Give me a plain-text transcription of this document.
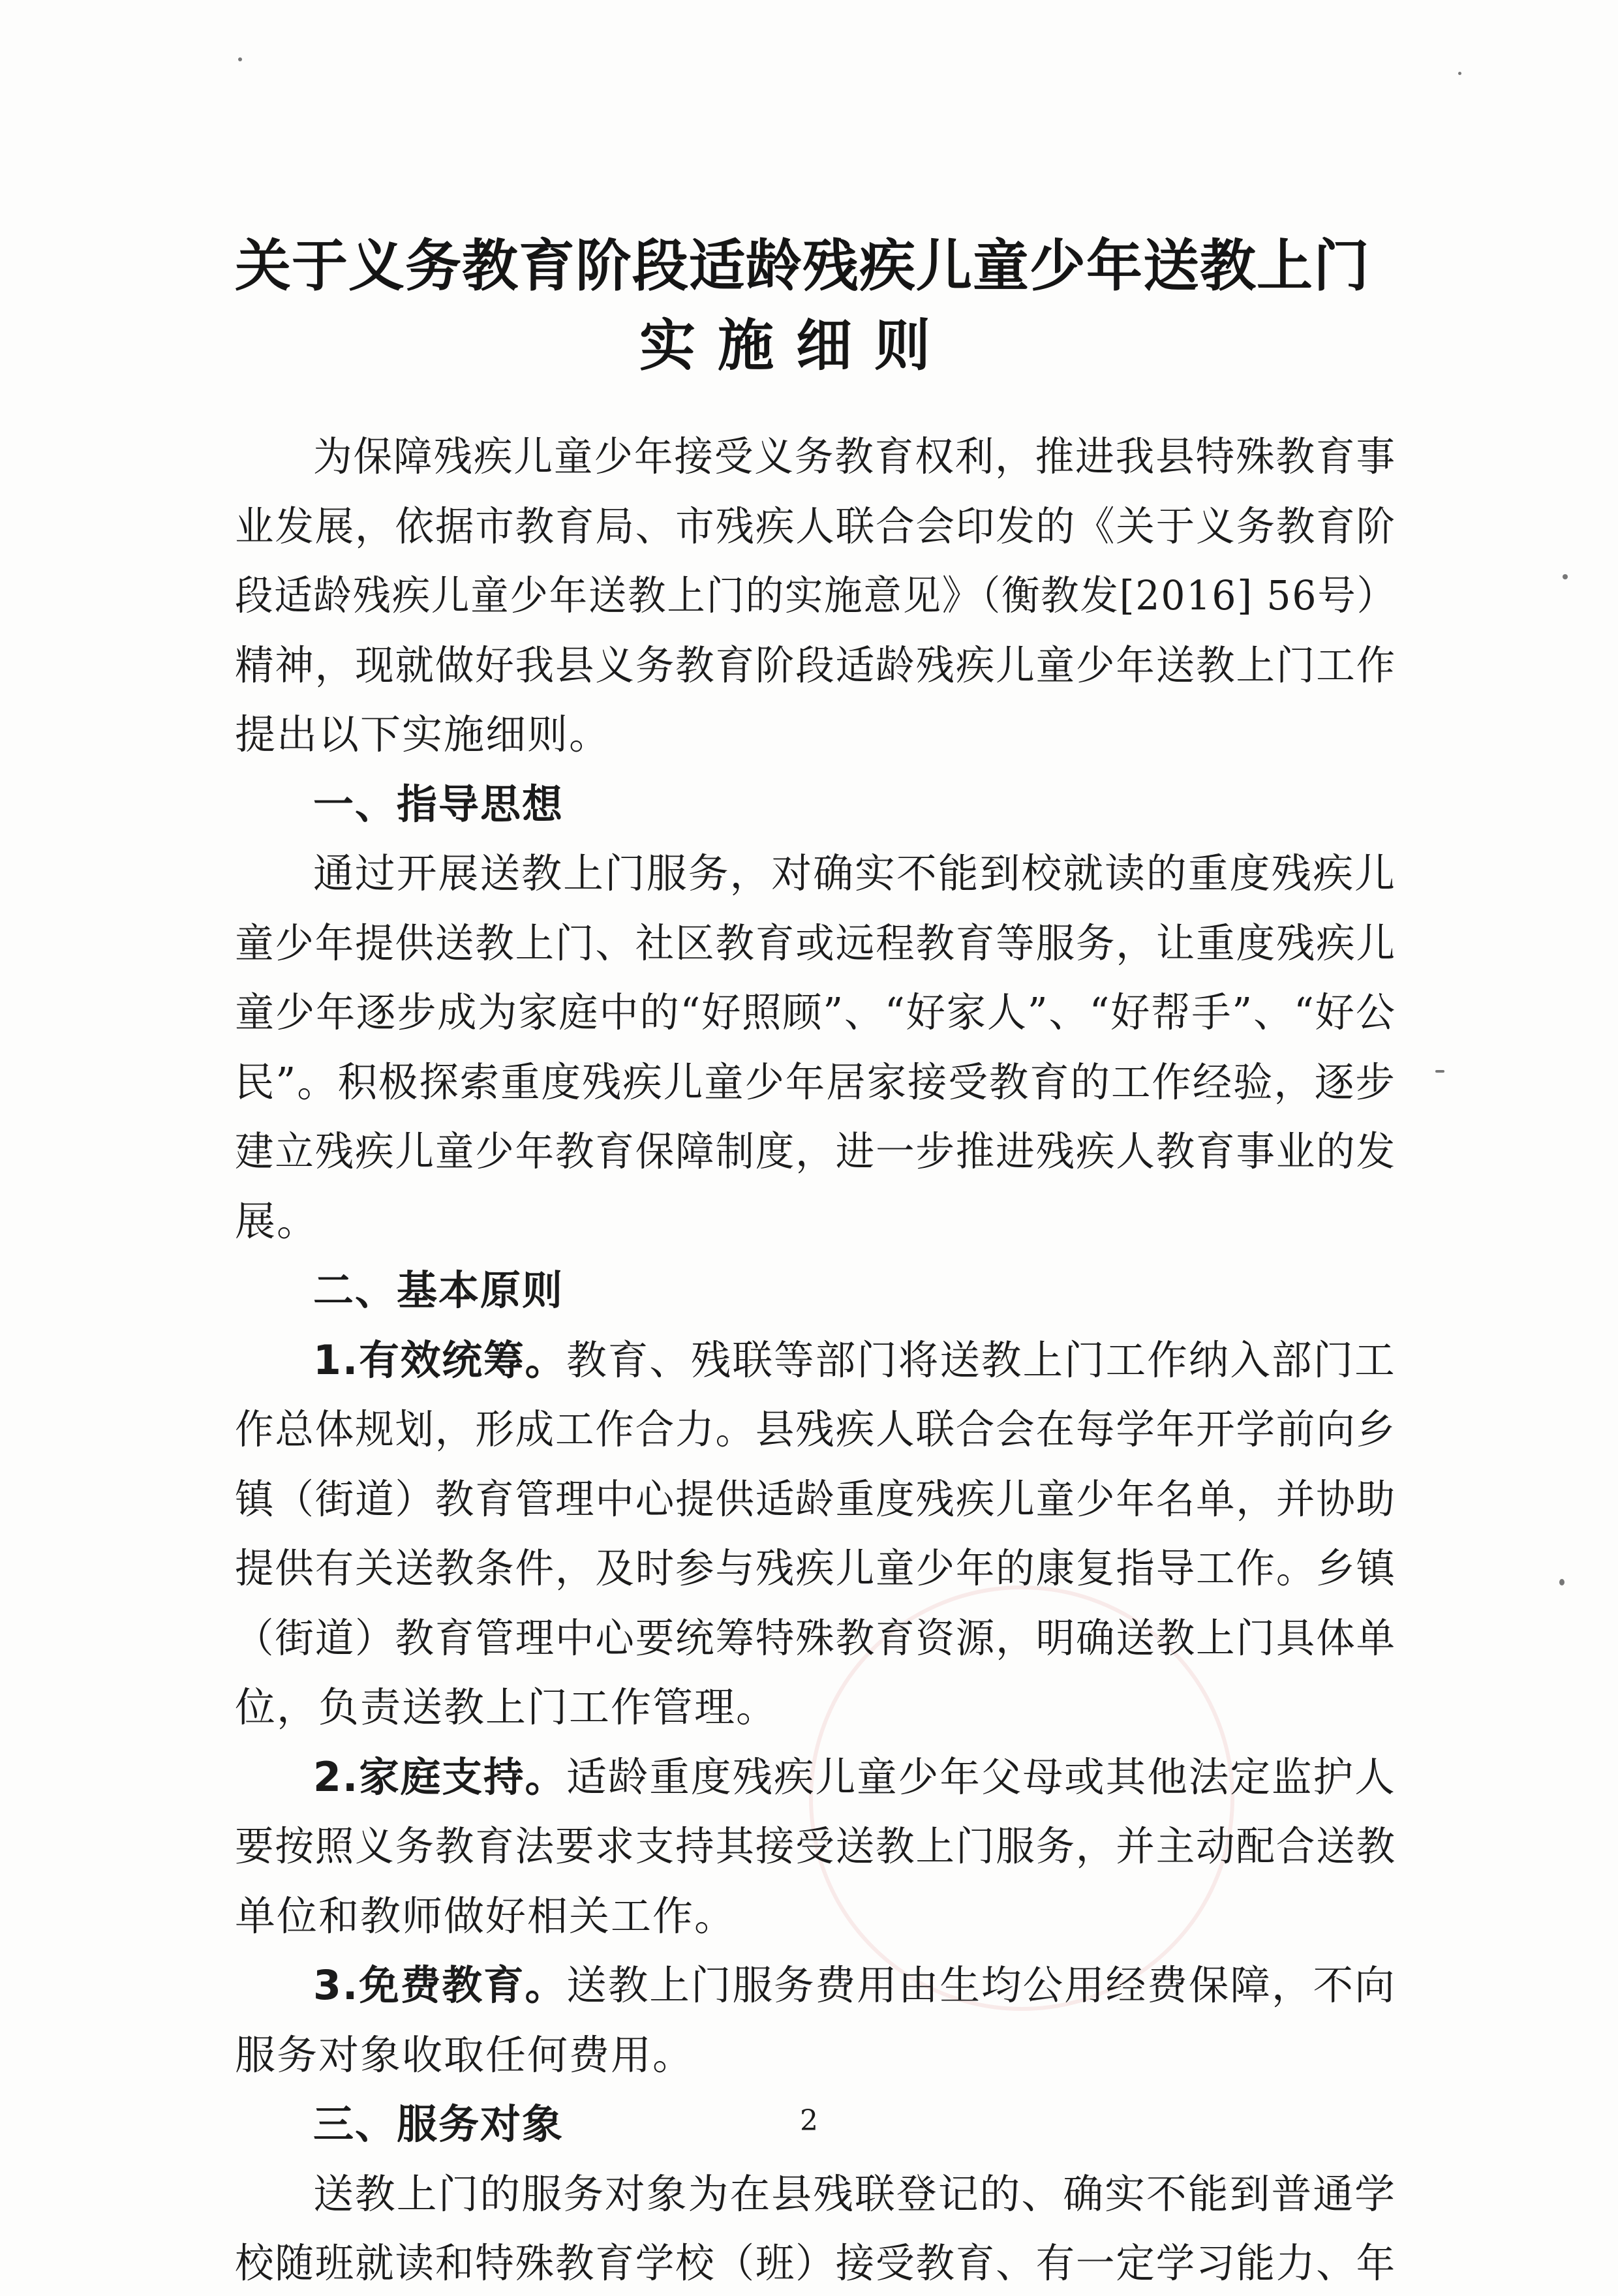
关于义务教育阶段适龄残疾儿童少年送教上门
实施细则
为保障残疾儿童少年接受义务教育权利，推进我县特殊教育事
业发展，依据市教育局、市残疾人联合会印发的《关于义务教育阶
段适龄残疾儿童少年送教上门的实施意见》（衡教发[2016] 56号）
精神，现就做好我县义务教育阶段适龄残疾儿童少年送教上门工作
提出以下实施细则。
一、指导思想
通过开展送教上门服务，对确实不能到校就读的重度残疾儿
童少年提供送教上门、社区教育或远程教育等服务，让重度残疾儿
童少年逐步成为家庭中的“好照顾”、“好家人”、“好帮手”、“好公
民”。积极探索重度残疾儿童少年居家接受教育的工作经验，逐步
建立残疾儿童少年教育保障制度，进一步推进残疾人教育事业的发
展。
二、基本原则
1.有效统筹。教育、残联等部门将送教上门工作纳入部门工
作总体规划，形成工作合力。县残疾人联合会在每学年开学前向乡
镇（街道）教育管理中心提供适龄重度残疾儿童少年名单，并协助
提供有关送教条件，及时参与残疾儿童少年的康复指导工作。乡镇
（街道）教育管理中心要统筹特殊教育资源，明确送教上门具体单
位，负责送教上门工作管理。
2.家庭支持。适龄重度残疾儿童少年父母或其他法定监护人
要按照义务教育法要求支持其接受送教上门服务，并主动配合送教
单位和教师做好相关工作。
3.免费教育。送教上门服务费用由生均公用经费保障，不向
服务对象收取任何费用。
三、服务对象
送教上门的服务对象为在县残联登记的、确实不能到普通学
校随班就读和特殊教育学校（班）接受教育、有一定学习能力、年
2
